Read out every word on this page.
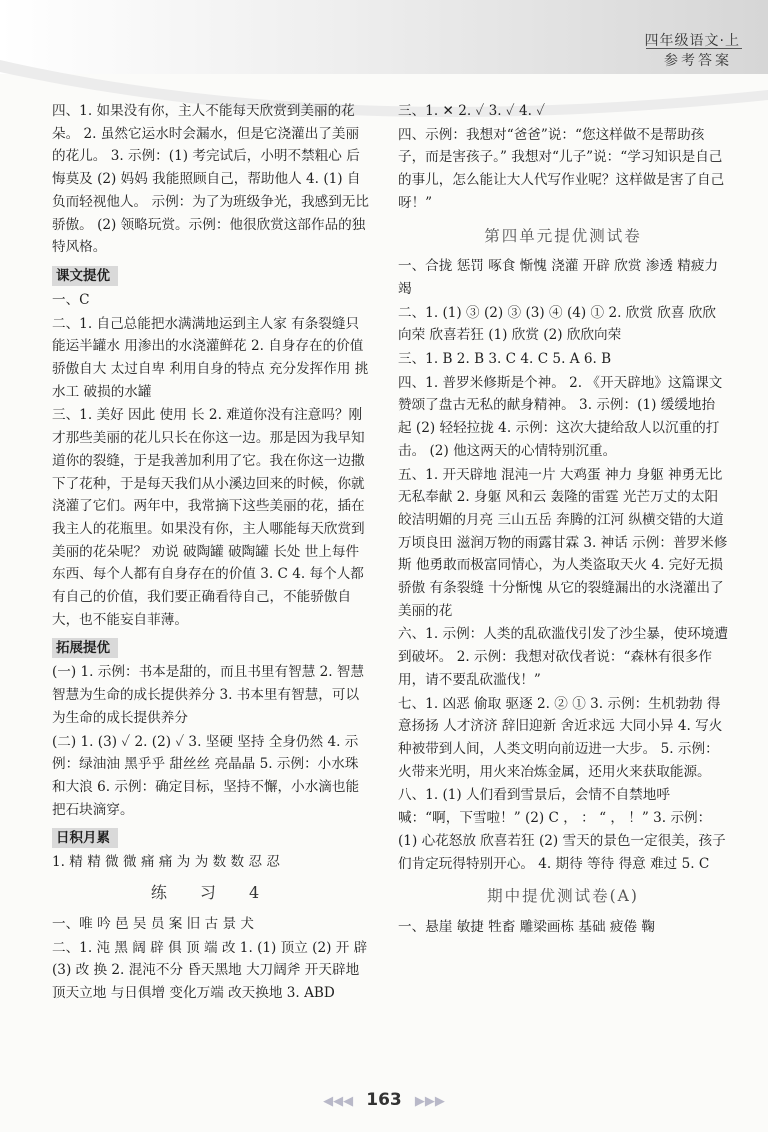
四年级语文·上
参考答案
四、1. 如果没有你，主人不能每天欣赏到美丽的花朵。 2. 虽然它运水时会漏水，但是它浇灌出了美丽的花儿。 3. 示例：(1) 考完试后，小明不禁粗心 后悔莫及 (2) 妈妈 我能照顾自己，帮助他人 4. (1) 自负而轻视他人。 示例：为了为班级争光，我感到无比骄傲。 (2) 领略玩赏。示例：他很欣赏这部作品的独特风格。
课文提优
一、C
二、1. 自己总能把水满满地运到主人家 有条裂缝只能运半罐水 用渗出的水浇灌鲜花 2. 自身存在的价值 骄傲自大 太过自卑 利用自身的特点 充分发挥作用 挑水工 破损的水罐
三、1. 美好 因此 使用 长 2. 难道你没有注意吗？刚才那些美丽的花儿只长在你这一边。那是因为我早知道你的裂缝，于是我善加利用了它。我在你这一边撒下了花种，于是每天我们从小溪边回来的时候，你就浇灌了它们。两年中，我常摘下这些美丽的花，插在我主人的花瓶里。如果没有你，主人哪能每天欣赏到美丽的花朵呢？ 劝说 破陶罐 破陶罐 长处 世上每件东西、每个人都有自身存在的价值 3. C 4. 每个人都有自己的价值，我们要正确看待自己，不能骄傲自大，也不能妄自菲薄。
拓展提优
(一) 1. 示例：书本是甜的，而且书里有智慧 2. 智慧 智慧为生命的成长提供养分 3. 书本里有智慧，可以为生命的成长提供养分
(二) 1. (3) ✓ 2. (2) ✓ 3. 坚硬 坚持 全身仍然 4. 示例：绿油油 黑乎乎 甜丝丝 亮晶晶 5. 示例：小水珠和大浪 6. 示例：确定目标，坚持不懈，小水滴也能把石块滴穿。
日积月累
1. 精 精 微 微 痛 痛 为 为 数 数 忍 忍
练 习 4
一、唯 吟 邑 吴 员 案 旧 古 景 犬
二、1. 沌 黑 阔 辟 俱 顶 端 改 1. (1) 顶立 (2) 开 辟 (3) 改 换 2. 混沌不分 昏天黑地 大刀阔斧 开天辟地 顶天立地 与日俱增 变化万端 改天换地 3. ABD
三、1. ✕ 2. ✓ 3. ✓ 4. ✓
四、示例：我想对“爸爸”说：“您这样做不是帮助孩子，而是害孩子。” 我想对“儿子”说：“学习知识是自己的事儿，怎么能让大人代写作业呢？这样做是害了自己呀！”
第四单元提优测试卷
一、合拢 惩罚 啄食 惭愧 浇灌 开辟 欣赏 渗透 精疲力竭
二、1. (1) ③ (2) ③ (3) ④ (4) ① 2. 欣赏 欣喜 欣欣向荣 欣喜若狂 (1) 欣赏 (2) 欣欣向荣
三、1. B 2. B 3. C 4. C 5. A 6. B
四、1. 普罗米修斯是个神。 2. 《开天辟地》这篇课文赞颂了盘古无私的献身精神。 3. 示例：(1) 缓缓地抬起 (2) 轻轻拉拢 4. 示例：这次大捷给敌人以沉重的打击。 (2) 他这两天的心情特别沉重。
五、1. 开天辟地 混沌一片 大鸡蛋 神力 身躯 神勇无比 无私奉献 2. 身躯 风和云 轰隆的雷霆 光芒万丈的太阳 皎洁明媚的月亮 三山五岳 奔腾的江河 纵横交错的大道 万顷良田 滋润万物的雨露甘霖 3. 神话 示例：普罗米修斯 他勇敢而极富同情心，为人类盗取天火 4. 完好无损 骄傲 有条裂缝 十分惭愧 从它的裂缝漏出的水浇灌出了美丽的花
六、1. 示例：人类的乱砍滥伐引发了沙尘暴，使环境遭到破坏。 2. 示例：我想对砍伐者说：“森林有很多作用，请不要乱砍滥伐！”
七、1. 凶恶 偷取 驱逐 2. ② ① 3. 示例：生机勃勃 得意扬扬 人才济济 辞旧迎新 舍近求远 大同小异 4. 写火种被带到人间，人类文明向前迈进一大步。 5. 示例：火带来光明，用火来冶炼金属，还用火来获取能源。
八、1. (1) 人们看到雪景后，会情不自禁地呼喊：“啊，下雪啦！” (2) C ， ： “ ， ！” 3. 示例：(1) 心花怒放 欣喜若狂 (2) 雪天的景色一定很美，孩子们肯定玩得特别开心。 4. 期待 等待 得意 难过 5. C
期中提优测试卷(A)
一、悬崖 敏捷 牲畜 雕梁画栋 基础 疲倦 鞠
◀◀◀ 163 ▶▶▶
